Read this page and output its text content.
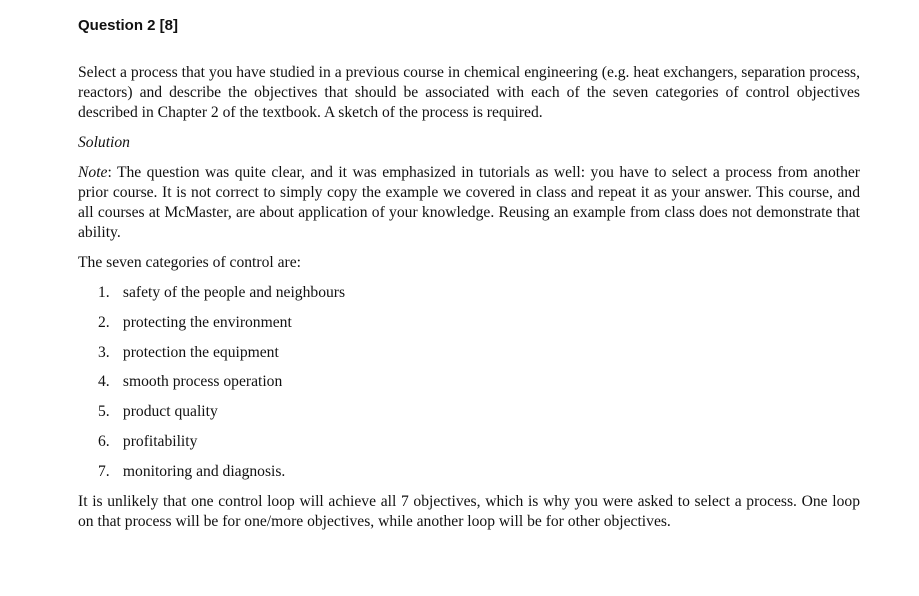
Question 2 [8]

Select a process that you have studied in a previous course in chemical engineering (e.g. heat exchangers, separation process, reactors) and describe the objectives that should be associated with each of the seven categories of control objectives described in Chapter 2 of the textbook. A sketch of the process is required.

Solution

Note: The question was quite clear, and it was emphasized in tutorials as well: you have to select a process from another prior course. It is not correct to simply copy the example we covered in class and repeat it as your answer. This course, and all courses at McMaster, are about application of your knowledge. Reusing an example from class does not demonstrate that ability.

The seven categories of control are:

1. safety of the people and neighbours
2. protecting the environment
3. protection the equipment
4. smooth process operation
5. product quality
6. profitability
7. monitoring and diagnosis.

It is unlikely that one control loop will achieve all 7 objectives, which is why you were asked to select a process. One loop on that process will be for one/more objectives, while another loop will be for other objectives.
